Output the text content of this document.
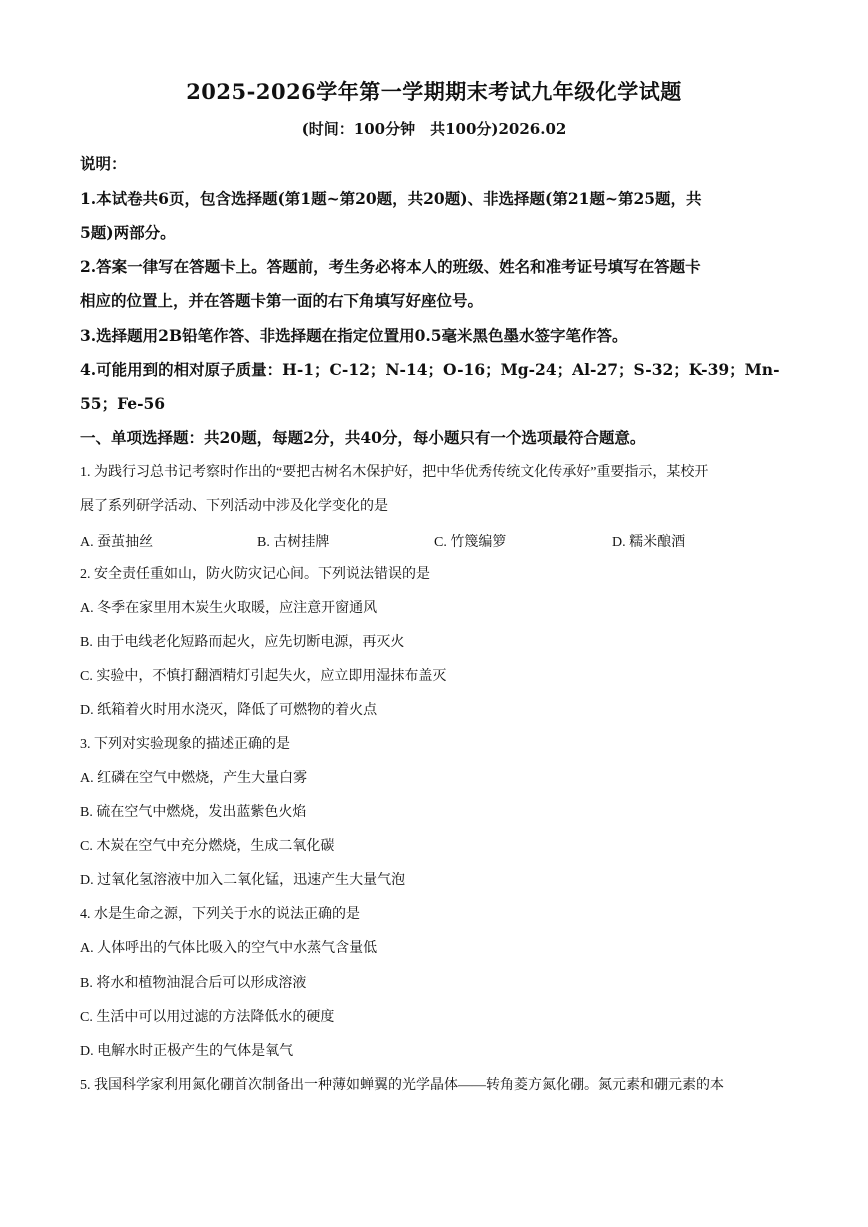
2025-2026学年第一学期期末考试九年级化学试题
(时间：100分钟　共100分)2026.02
说明：
1.本试卷共6页，包含选择题(第1题~第20题，共20题)、非选择题(第21题~第25题，共
5题)两部分。
2.答案一律写在答题卡上。答题前，考生务必将本人的班级、姓名和准考证号填写在答题卡
相应的位置上，并在答题卡第一面的右下角填写好座位号。
3.选择题用2B铅笔作答、非选择题在指定位置用0.5毫米黑色墨水签字笔作答。
4.可能用到的相对原子质量：H-1；C-12；N-14；O-16；Mg-24；Al-27；S-32；K-39；Mn-
55；Fe-56
一、单项选择题：共20题，每题2分，共40分，每小题只有一个选项最符合题意。
1. 为践行习总书记考察时作出的“要把古树名木保护好，把中华优秀传统文化传承好”重要指示，某校开
展了系列研学活动、下列活动中涉及化学变化的是
A. 蚕茧抽丝	B. 古树挂牌	C. 竹篾编箩	D. 糯米酿酒
2. 安全责任重如山，防火防灾记心间。下列说法错误的是
A. 冬季在家里用木炭生火取暖，应注意开窗通风
B. 由于电线老化短路而起火，应先切断电源，再灭火
C. 实验中，不慎打翻酒精灯引起失火，应立即用湿抹布盖灭
D. 纸箱着火时用水浇灭，降低了可燃物的着火点
3. 下列对实验现象的描述正确的是
A. 红磷在空气中燃烧，产生大量白雾
B. 硫在空气中燃烧，发出蓝紫色火焰
C. 木炭在空气中充分燃烧，生成二氧化碳
D. 过氧化氢溶液中加入二氧化锰，迅速产生大量气泡
4. 水是生命之源，下列关于水的说法正确的是
A. 人体呼出的气体比吸入的空气中水蒸气含量低
B. 将水和植物油混合后可以形成溶液
C. 生活中可以用过滤的方法降低水的硬度
D. 电解水时正极产生的气体是氧气
5. 我国科学家利用氮化硼首次制备出一种薄如蝉翼的光学晶体——转角菱方氮化硼。氮元素和硼元素的本
